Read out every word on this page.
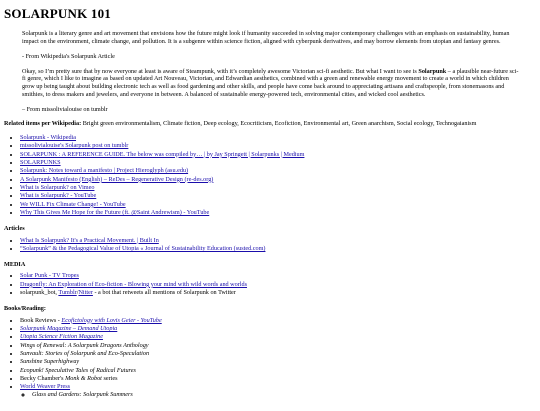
SOLARPUNK 101

Solarpunk is a literary genre and art movement that envisions how the future might look if humanity succeeded in solving major contemporary challenges with an emphasis on sustainability, human impact on the environment, climate change, and pollution. It is a subgenre within science fiction, aligned with cyberpunk derivatives, and may borrow elements from utopian and fantasy genres.

- From Wikipedia's Solarpunk Article

Okay, so I’m pretty sure that by now everyone at least is aware of Steampunk, with it’s completely awesome Victorian sci-fi aesthetic. But what I want to see is Solarpunk – a plausible near-future sci-fi genre, which I like to imagine as based on updated Art Nouveau, Victorian, and Edwardian aesthetics, combined with a green and renewable energy movement to create a world in which children grow up being taught about building electronic tech as well as food gardening and other skills, and people have come back around to appreciating artisans and craftspeople, from stonemasons and smithies, to dress makers and jewelers, and everyone in between. A balanced of sustainable energy-powered tech, environmental cities, and wicked cool aesthetics.

– From missolivialouise on tumblr

Related items per Wikipedia: Bright green environmentalism, Climate fiction, Deep ecology, Ecocriticism, Ecofiction, Environmental art, Green anarchism, Social ecology, Technogaianism
• Solarpunk - Wikipedia
• missolivialouise's Solarpunk post on tumblr
• SOLARPUNK : A REFERENCE GUIDE. The below was compiled by… | by Jay Springett | Solarpunks | Medium
• SOLARPUNKS
• Solarpunk: Notes toward a manifesto | Project Hieroglyph (asu.edu)
• A Solarpunk Manifesto (English) – ReDes – Regenerative Design (re-des.org)
• What is Solarpunk? on Vimeo
• What is Solarpunk? - YouTube
• We WILL Fix Climate Change! - YouTube
• Why This Gives Me Hope for the Future (ft. @Saint Andrewism) - YouTube
Articles
• What Is Solarpunk? It's a Practical Movement. | Built In
• “Solarpunk” & the Pedagogical Value of Utopia « Journal of Sustainability Education (susted.com)
MEDIA
• Solar Punk - TV Tropes
• Dragonfly: An Exploration of Eco-fiction - Blowing your mind with wild words and worlds
• solarpunk_bot, Tumblr/Nitter - a bot that retweets all mentions of Solarpunk on Twitter
Books/Reading:
• Book Reviews - Ecofictology with Lovis Geier - YouTube
• Solarpunk Magazine – Demand Utopia
• Utopia Science Fiction Magazine
• Wings of Renewal: A Solarpunk Dragons Anthology
• Sunvault: Stories of Solarpunk and Eco-Speculation
• Sunshine Superhighway
• Ecopunk! Speculative Tales of Radical Futures
• Becky Chamber's Monk & Robot series
• World Weaver Press
◦ Glass and Gardens: Solarpunk Summers
